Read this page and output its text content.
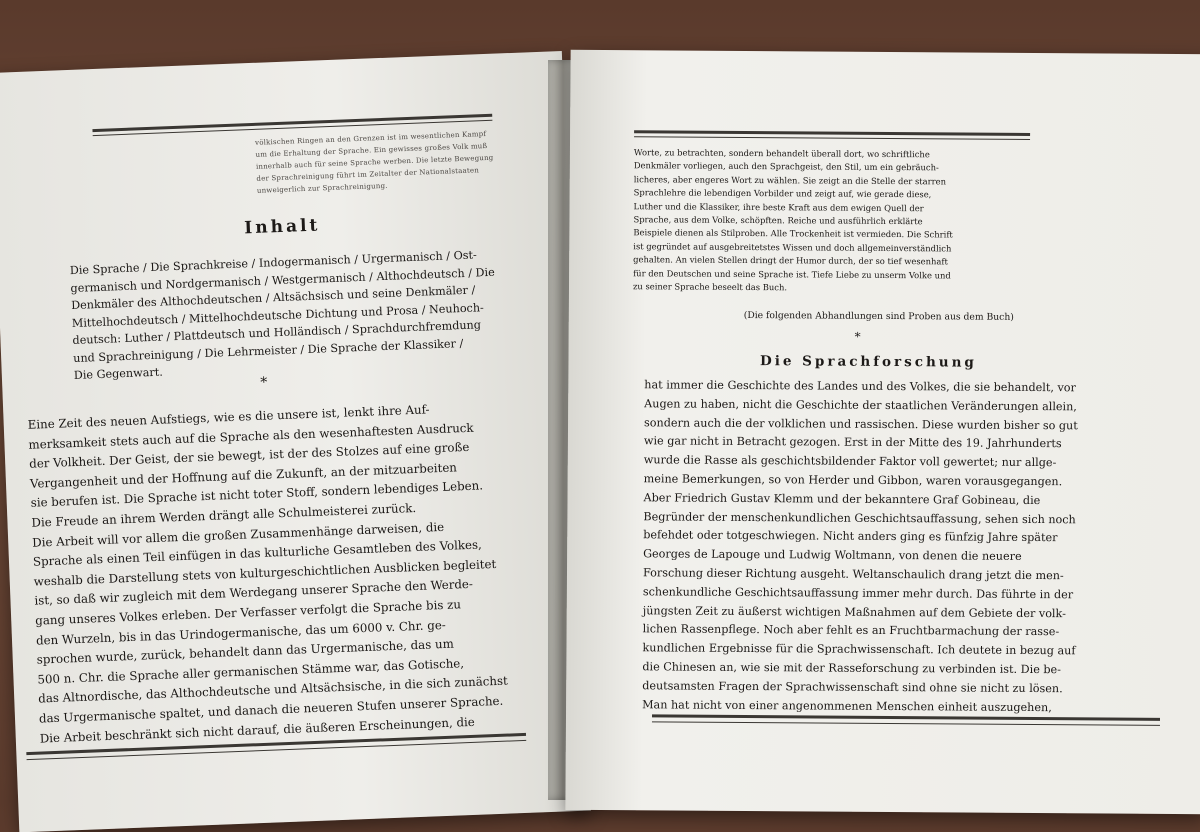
völkischen Ringen an den Grenzen ist im wesentlichen Kampf um die Erhaltung der Sprache. Ein gewisses großes Volk muß innerhalb auch für seine Sprache werben. Die letzte Bewegung der Sprachreinigung führt im Zeitalter der Nationalstaaten unweigerlich zur Sprachreinigung.
Inhalt
Die Sprache / Die Sprachkreise / Indogermanisch / Urgermanisch / Ost-
germanisch und Nordgermanisch / Westgermanisch / Althochdeutsch / Die
Denkmäler des Althochdeutschen / Altsächsisch und seine Denkmäler /
Mittelhochdeutsch / Mittelhochdeutsche Dichtung und Prosa / Neuhoch-
deutsch: Luther / Plattdeutsch und Holländisch / Sprachdurchfremdung
und Sprachreinigung / Die Lehrmeister / Die Sprache der Klassiker /
Die Gegenwart.
*
Eine Zeit des neuen Aufstiegs, wie es die unsere ist, lenkt ihre Auf-
merksamkeit stets auch auf die Sprache als den wesenhaftesten Ausdruck
der Volkheit. Der Geist, der sie bewegt, ist der des Stolzes auf eine große
Vergangenheit und der Hoffnung auf die Zukunft, an der mitzuarbeiten
sie berufen ist. Die Sprache ist nicht toter Stoff, sondern lebendiges Leben.
Die Freude an ihrem Werden drängt alle Schulmeisterei zurück.
Die Arbeit will vor allem die großen Zusammenhänge darweisen, die
Sprache als einen Teil einfügen in das kulturliche Gesamtleben des Volkes,
weshalb die Darstellung stets von kulturgeschichtlichen Ausblicken begleitet
ist, so daß wir zugleich mit dem Werdegang unserer Sprache den Werde-
gang unseres Volkes erleben. Der Verfasser verfolgt die Sprache bis zu
den Wurzeln, bis in das Urindogermanische, das um 6000 v. Chr. ge-
sprochen wurde, zurück, behandelt dann das Urgermanische, das um
500 n. Chr. die Sprache aller germanischen Stämme war, das Gotische,
das Altnordische, das Althochdeutsche und Altsächsische, in die sich zunächst
das Urgermanische spaltet, und danach die neueren Stufen unserer Sprache.
Die Arbeit beschränkt sich nicht darauf, die äußeren Erscheinungen, die
Worte, zu betrachten, sondern behandelt überall dort, wo schriftliche
Denkmäler vorliegen, auch den Sprachgeist, den Stil, um ein gebräuch-
licheres, aber engeres Wort zu wählen. Sie zeigt an die Stelle der starren
Sprachlehre die lebendigen Vorbilder und zeigt auf, wie gerade diese,
Luther und die Klassiker, ihre beste Kraft aus dem ewigen Quell der
Sprache, aus dem Volke, schöpften. Reiche und ausführlich erklärte
Beispiele dienen als Stilproben. Alle Trockenheit ist vermieden. Die Schrift
ist gegründet auf ausgebreitetstes Wissen und doch allgemeinverständlich
gehalten. An vielen Stellen dringt der Humor durch, der so tief wesenhaft
für den Deutschen und seine Sprache ist. Tiefe Liebe zu unserm Volke und
zu seiner Sprache beseelt das Buch.
(Die folgenden Abhandlungen sind Proben aus dem Buch)
*
Die Sprachforschung
hat immer die Geschichte des Landes und des Volkes, die sie behandelt, vor
Augen zu haben, nicht die Geschichte der staatlichen Veränderungen allein,
sondern auch die der volklichen und rassischen. Diese wurden bisher so gut
wie gar nicht in Betracht gezogen. Erst in der Mitte des 19. Jahrhunderts
wurde die Rasse als geschichtsbildender Faktor voll gewertet; nur allge-
meine Bemerkungen, so von Herder und Gibbon, waren vorausgegangen.
Aber Friedrich Gustav Klemm und der bekanntere Graf Gobineau, die
Begründer der menschenkundlichen Geschichtsauffassung, sehen sich noch
befehdet oder totgeschwiegen. Nicht anders ging es fünfzig Jahre später
Georges de Lapouge und Ludwig Woltmann, von denen die neuere
Forschung dieser Richtung ausgeht. Weltanschaulich drang jetzt die men-
schenkundliche Geschichtsauffassung immer mehr durch. Das führte in der
jüngsten Zeit zu äußerst wichtigen Maßnahmen auf dem Gebiete der volk-
lichen Rassenpflege. Noch aber fehlt es an Fruchtbarmachung der rasse-
kundlichen Ergebnisse für die Sprachwissenschaft. Ich deutete in bezug auf
die Chinesen an, wie sie mit der Rasseforschung zu verbinden ist. Die be-
deutsamsten Fragen der Sprachwissenschaft sind ohne sie nicht zu lösen.
Man hat nicht von einer angenommenen Menschen einheit auszugehen,
